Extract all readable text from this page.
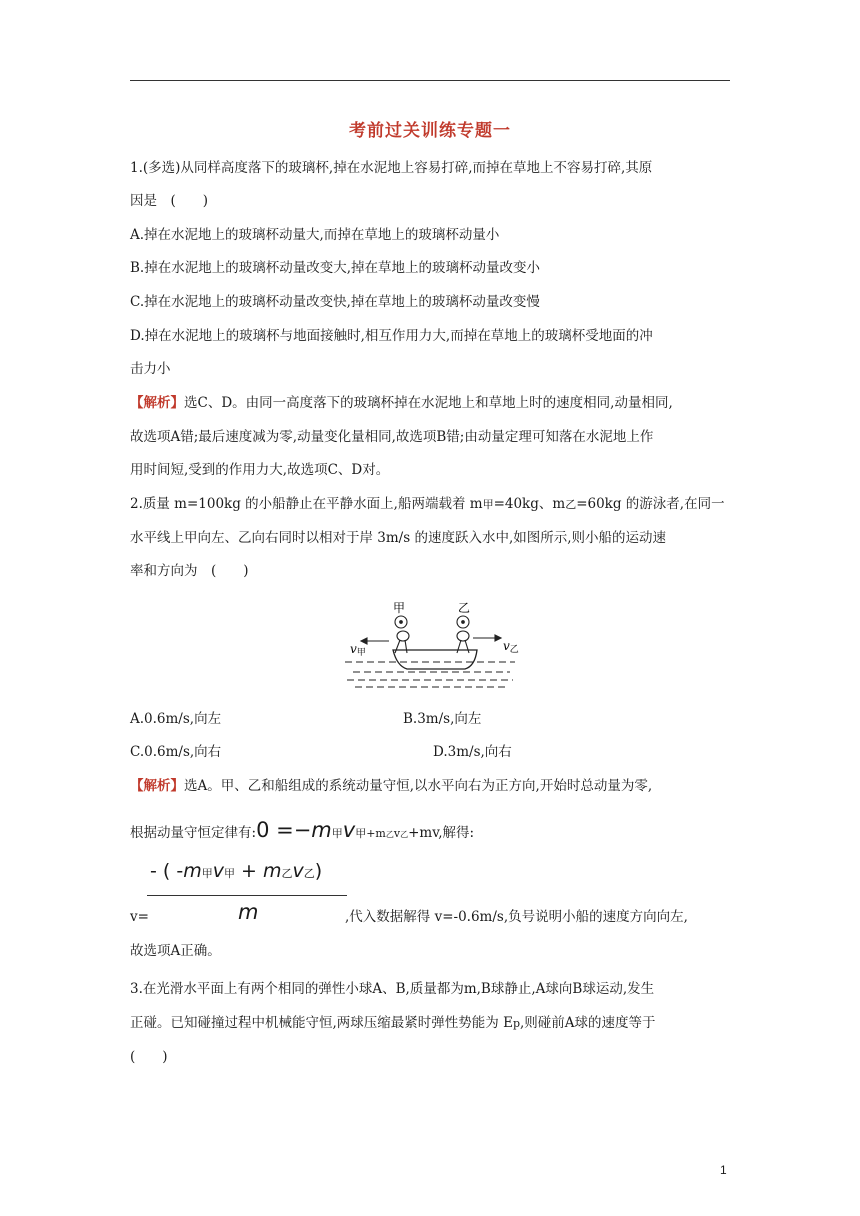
考前过关训练专题一
1.(多选)从同样高度落下的玻璃杯,掉在水泥地上容易打碎,而掉在草地上不容易打碎,其原
因是　(　　)
A.掉在水泥地上的玻璃杯动量大,而掉在草地上的玻璃杯动量小
B.掉在水泥地上的玻璃杯动量改变大,掉在草地上的玻璃杯动量改变小
C.掉在水泥地上的玻璃杯动量改变快,掉在草地上的玻璃杯动量改变慢
D.掉在水泥地上的玻璃杯与地面接触时,相互作用力大,而掉在草地上的玻璃杯受地面的冲
击力小
【解析】选C、D。由同一高度落下的玻璃杯掉在水泥地上和草地上时的速度相同,动量相同,
故选项A错;最后速度减为零,动量变化量相同,故选项B错;由动量定理可知落在水泥地上作
用时间短,受到的作用力大,故选项C、D对。
2.质量 m=100kg 的小船静止在平静水面上,船两端载着 m甲=40kg、m乙=60kg 的游泳者,在同一
水平线上甲向左、乙向右同时以相对于岸 3m/s 的速度跃入水中,如图所示,则小船的运动速
率和方向为　(　　)
甲	乙
v甲	v乙
A.0.6m/s,向左	B.3m/s,向左
C.0.6m/s,向右	D.3m/s,向右
【解析】选A。甲、乙和船组成的系统动量守恒,以水平向右为正方向,开始时总动量为零,
根据动量守恒定律有:0 =−m甲v甲+m乙v乙+mv,解得:
- ( -m甲v甲 + m乙v乙)
v=	m	,代入数据解得 v=-0.6m/s,负号说明小船的速度方向向左,
故选项A正确。
3.在光滑水平面上有两个相同的弹性小球A、B,质量都为m,B球静止,A球向B球运动,发生
正碰。已知碰撞过程中机械能守恒,两球压缩最紧时弹性势能为 Ep,则碰前A球的速度等于
(　　)
1
